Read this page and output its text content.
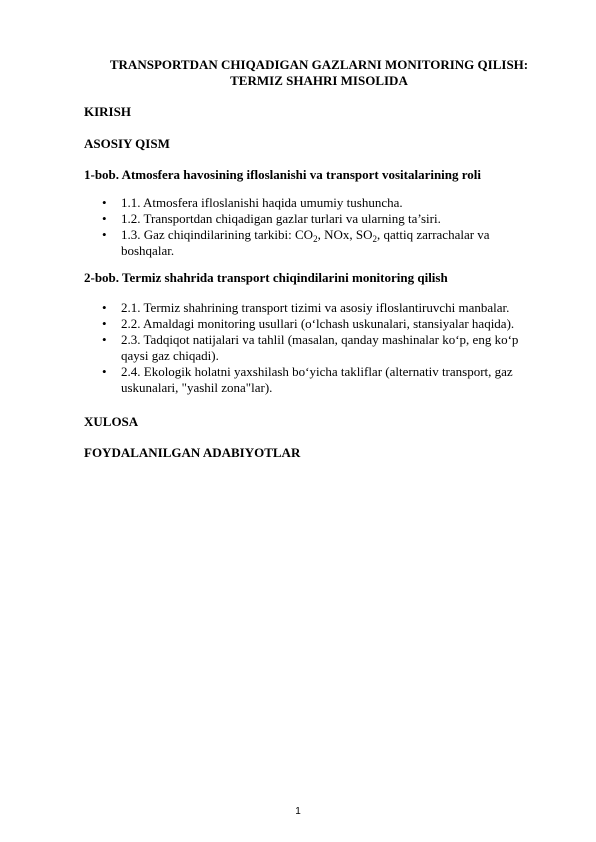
TRANSPORTDAN CHIQADIGAN GAZLARNI MONITORING QILISH:
TERMIZ SHAHRI MISOLIDA
KIRISH
ASOSIY QISM
1-bob. Atmosfera havosining ifloslanishi va transport vositalarining roli
• 1.1. Atmosfera ifloslanishi haqida umumiy tushuncha.
• 1.2. Transportdan chiqadigan gazlar turlari va ularning ta’siri.
• 1.3. Gaz chiqindilarining tarkibi: $CO_2$, NOx, $SO_2$, qattiq zarrachalar va boshqalar.
2-bob. Termiz shahrida transport chiqindilarini monitoring qilish
• 2.1. Termiz shahrining transport tizimi va asosiy ifloslantiruvchi manbalar.
• 2.2. Amaldagi monitoring usullari (o‘lchash uskunalari, stansiyalar haqida).
• 2.3. Tadqiqot natijalari va tahlil (masalan, qanday mashinalar ko‘p, eng ko‘p qaysi gaz chiqadi).
• 2.4. Ekologik holatni yaxshilash bo‘yicha takliflar (alternativ transport, gaz uskunalari, "yashil zona"lar).
XULOSA
FOYDALANILGAN ADABIYOTLAR
1
